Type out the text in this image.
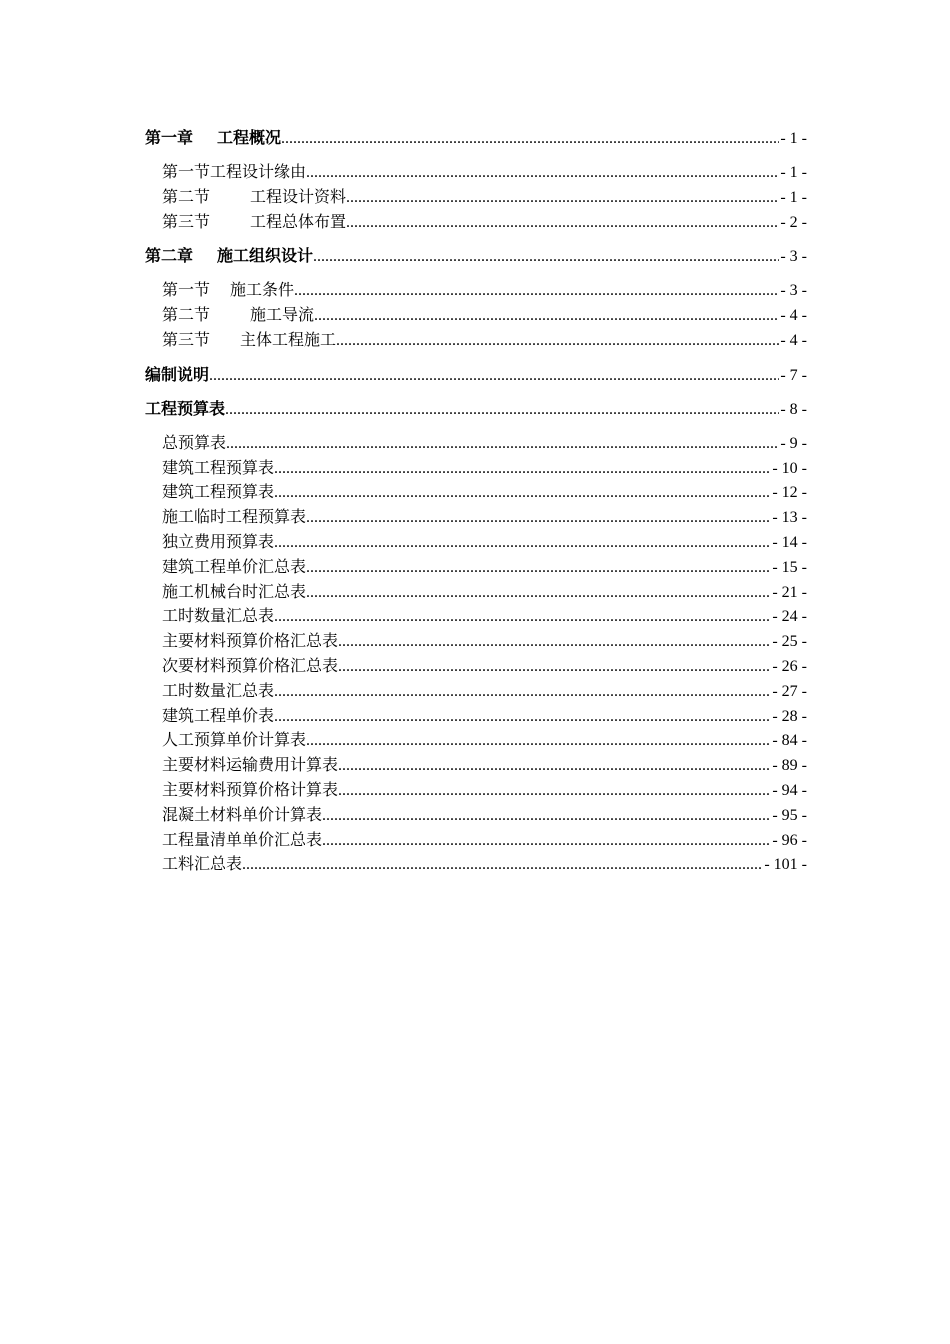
第一章 工程概况 .....	- 1 -
第一节工程设计缘由 .....	- 1 -
第二节	工程设计资料 .....	- 1 -
第三节	工程总体布置 .....	- 2 -
第二章 施工组织设计 .....	- 3 -
第一节 施工条件 .....	- 3 -
第二节	施工导流 .....	- 4 -
第三节 主体工程施工 .....	- 4 -
编制说明 .....	- 7 -
工程预算表 .....	- 8 -
总预算表 .....	- 9 -
建筑工程预算表 .....	- 10 -
建筑工程预算表 .....	- 12 -
施工临时工程预算表 .....	- 13 -
独立费用预算表 .....	- 14 -
建筑工程单价汇总表 .....	- 15 -
施工机械台时汇总表 .....	- 21 -
工时数量汇总表 .....	- 24 -
主要材料预算价格汇总表 .....	- 25 -
次要材料预算价格汇总表 .....	- 26 -
工时数量汇总表 .....	- 27 -
建筑工程单价表 .....	- 28 -
人工预算单价计算表 .....	- 84 -
主要材料运输费用计算表 .....	- 89 -
主要材料预算价格计算表 .....	- 94 -
混凝土材料单价计算表 .....	- 95 -
工程量清单单价汇总表 .....	- 96 -
工料汇总表 .....	- 101 -
